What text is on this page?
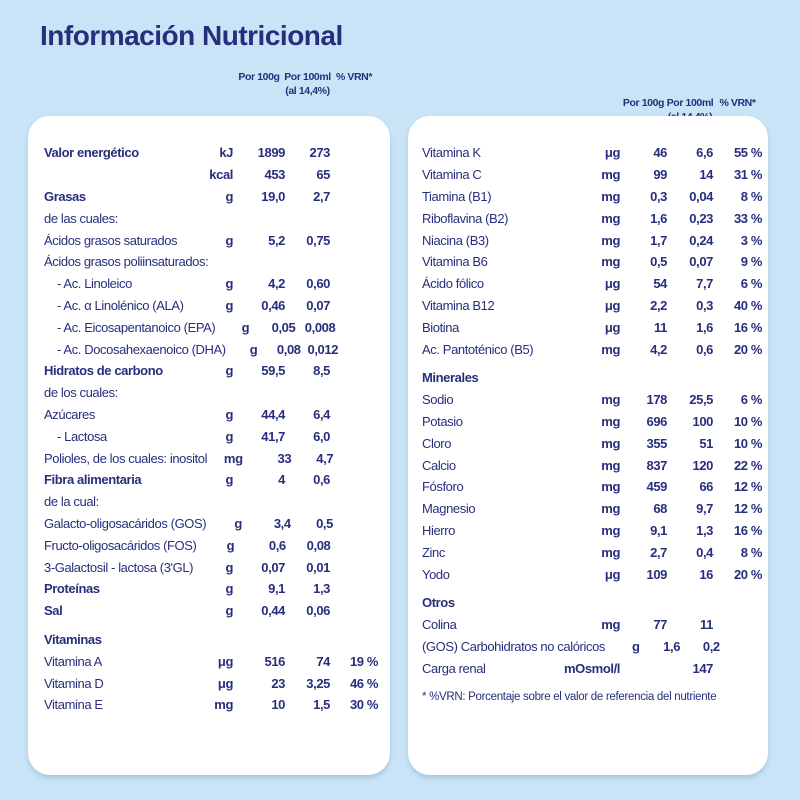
Información Nutricional
Por 100g Por 100ml % VRN*
(al 14,4%)
Por 100g Por 100ml % VRN*
Valor energético	kJ	1899	273
kcal	453	65
Grasas	g	19,0	2,7
de las cuales:
Ácidos grasos saturados	g	5,2	0,75
Ácidos grasos poliinsaturados:
- Ac. Linoleico	g	4,2	0,60
- Ac. α Linolénico (ALA)	g	0,46	0,07
- Ac. Eicosapentanoico (EPA)	g	0,05 0,008
- Ac. Docosahexaenoico (DHA)	g	0,08 0,012
Hidratos de carbono	g	59,5	8,5
de los cuales:
Azúcares	g	44,4	6,4
- Lactosa	g	41,7	6,0
Polioles, de los cuales: inositol	mg	33	4,7
Fibra alimentaria	g	4	0,6
de la cual:
Galacto-oligosacáridos (GOS)	g	3,4	0,5
Fructo-oligosacáridos (FOS)	g	0,6	0,08
3-Galactosil - lactosa (3'GL)	g	0,07	0,01
Proteínas	g	9,1	1,3
Sal	g	0,44	0,06
Vitaminas
Vitamina A	μg	516	74	19 %
Vitamina D	μg	23	3,25	46 %
Vitamina E	mg	10	1,5	30 %
Vitamina K	μg	46	6,6	55 %
Vitamina C	mg	99	14	31 %
Tiamina (B1)	mg	0,3	0,04	8 %
Riboflavina (B2)	mg	1,6	0,23	33 %
Niacina (B3)	mg	1,7	0,24	3 %
Vitamina B6	mg	0,5	0,07	9 %
Ácido fólico	μg	54	7,7	6 %
Vitamina B12	μg	2,2	0,3	40 %
Biotina	μg	11	1,6	16 %
Ac. Pantoténico (B5)	mg	4,2	0,6	20 %
Minerales
Sodio	mg	178	25,5	6 %
Potasio	mg	696	100	10 %
Cloro	mg	355	51	10 %
Calcio	mg	837	120	22 %
Fósforo	mg	459	66	12 %
Magnesio	mg	68	9,7	12 %
Hierro	mg	9,1	1,3	16 %
Zinc	mg	2,7	0,4	8 %
Yodo	μg	109	16	20 %
Otros
Colina	mg	77	11
(GOS) Carbohidratos no calóricos	g	1,6	0,2
Carga renal	mOsmol/l	147
* %VRN: Porcentaje sobre el valor de referencia del nutriente
